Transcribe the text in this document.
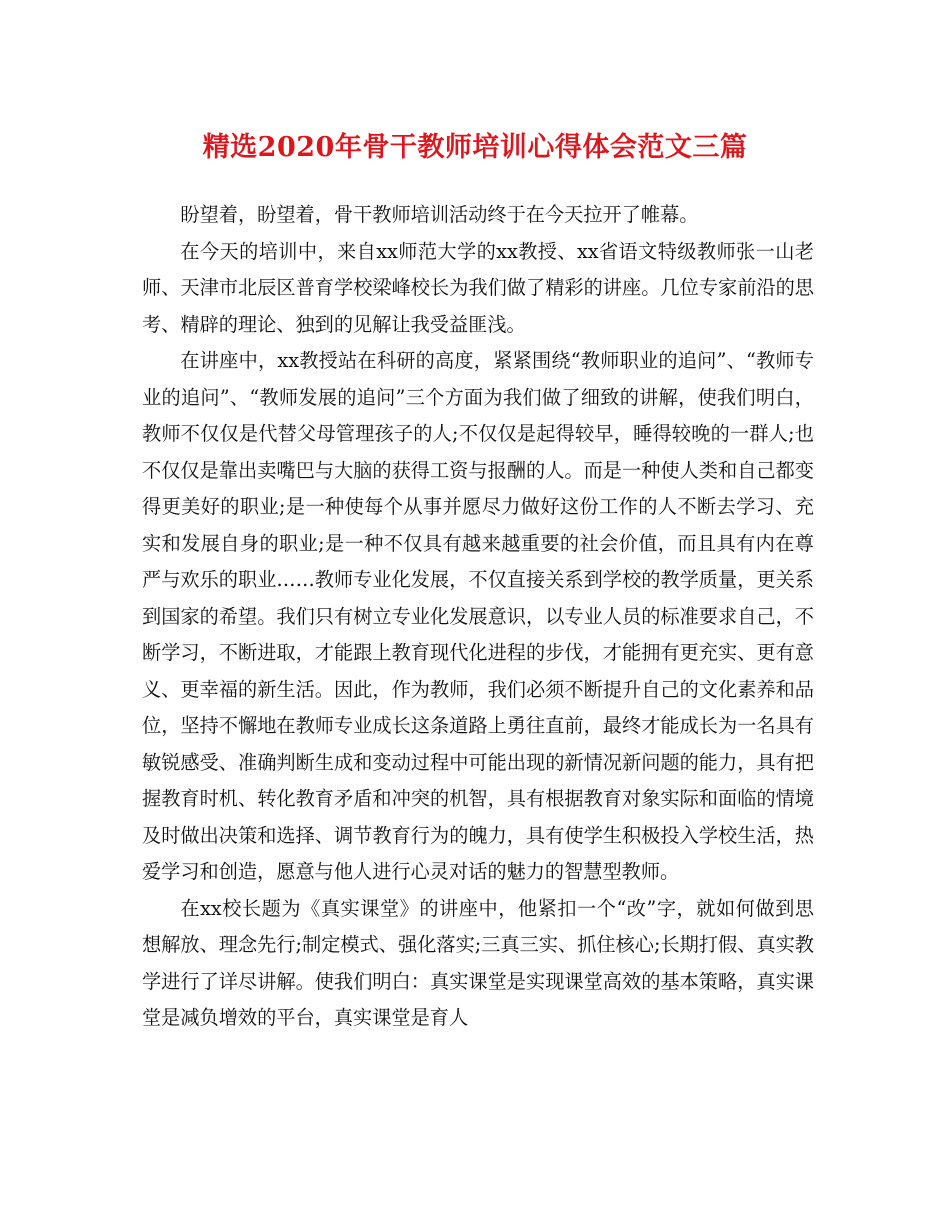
精选2020年骨干教师培训心得体会范文三篇

盼望着，盼望着，骨干教师培训活动终于在今天拉开了帷幕。

在今天的培训中，来自xx师范大学的xx教授、xx省语文特级教师张一山老师、天津市北辰区普育学校梁峰校长为我们做了精彩的讲座。几位专家前沿的思考、精辟的理论、独到的见解让我受益匪浅。

在讲座中，xx教授站在科研的高度，紧紧围绕“教师职业的追问”、“教师专业的追问”、“教师发展的追问”三个方面为我们做了细致的讲解，使我们明白，教师不仅仅是代替父母管理孩子的人;不仅仅是起得较早，睡得较晚的一群人;也不仅仅是靠出卖嘴巴与大脑的获得工资与报酬的人。而是一种使人类和自己都变得更美好的职业;是一种使每个从事并愿尽力做好这份工作的人不断去学习、充实和发展自身的职业;是一种不仅具有越来越重要的社会价值，而且具有内在尊严与欢乐的职业……教师专业化发展，不仅直接关系到学校的教学质量，更关系到国家的希望。我们只有树立专业化发展意识，以专业人员的标准要求自己，不断学习，不断进取，才能跟上教育现代化进程的步伐，才能拥有更充实、更有意义、更幸福的新生活。因此，作为教师，我们必须不断提升自己的文化素养和品位，坚持不懈地在教师专业成长这条道路上勇往直前，最终才能成长为一名具有敏锐感受、准确判断生成和变动过程中可能出现的新情况新问题的能力，具有把握教育时机、转化教育矛盾和冲突的机智，具有根据教育对象实际和面临的情境及时做出决策和选择、调节教育行为的魄力，具有使学生积极投入学校生活，热爱学习和创造，愿意与他人进行心灵对话的魅力的智慧型教师。

在xx校长题为《真实课堂》的讲座中，他紧扣一个“改”字，就如何做到思想解放、理念先行;制定模式、强化落实;三真三实、抓住核心;长期打假、真实教学进行了详尽讲解。使我们明白：真实课堂是实现课堂高效的基本策略，真实课堂是减负增效的平台，真实课堂是育人
